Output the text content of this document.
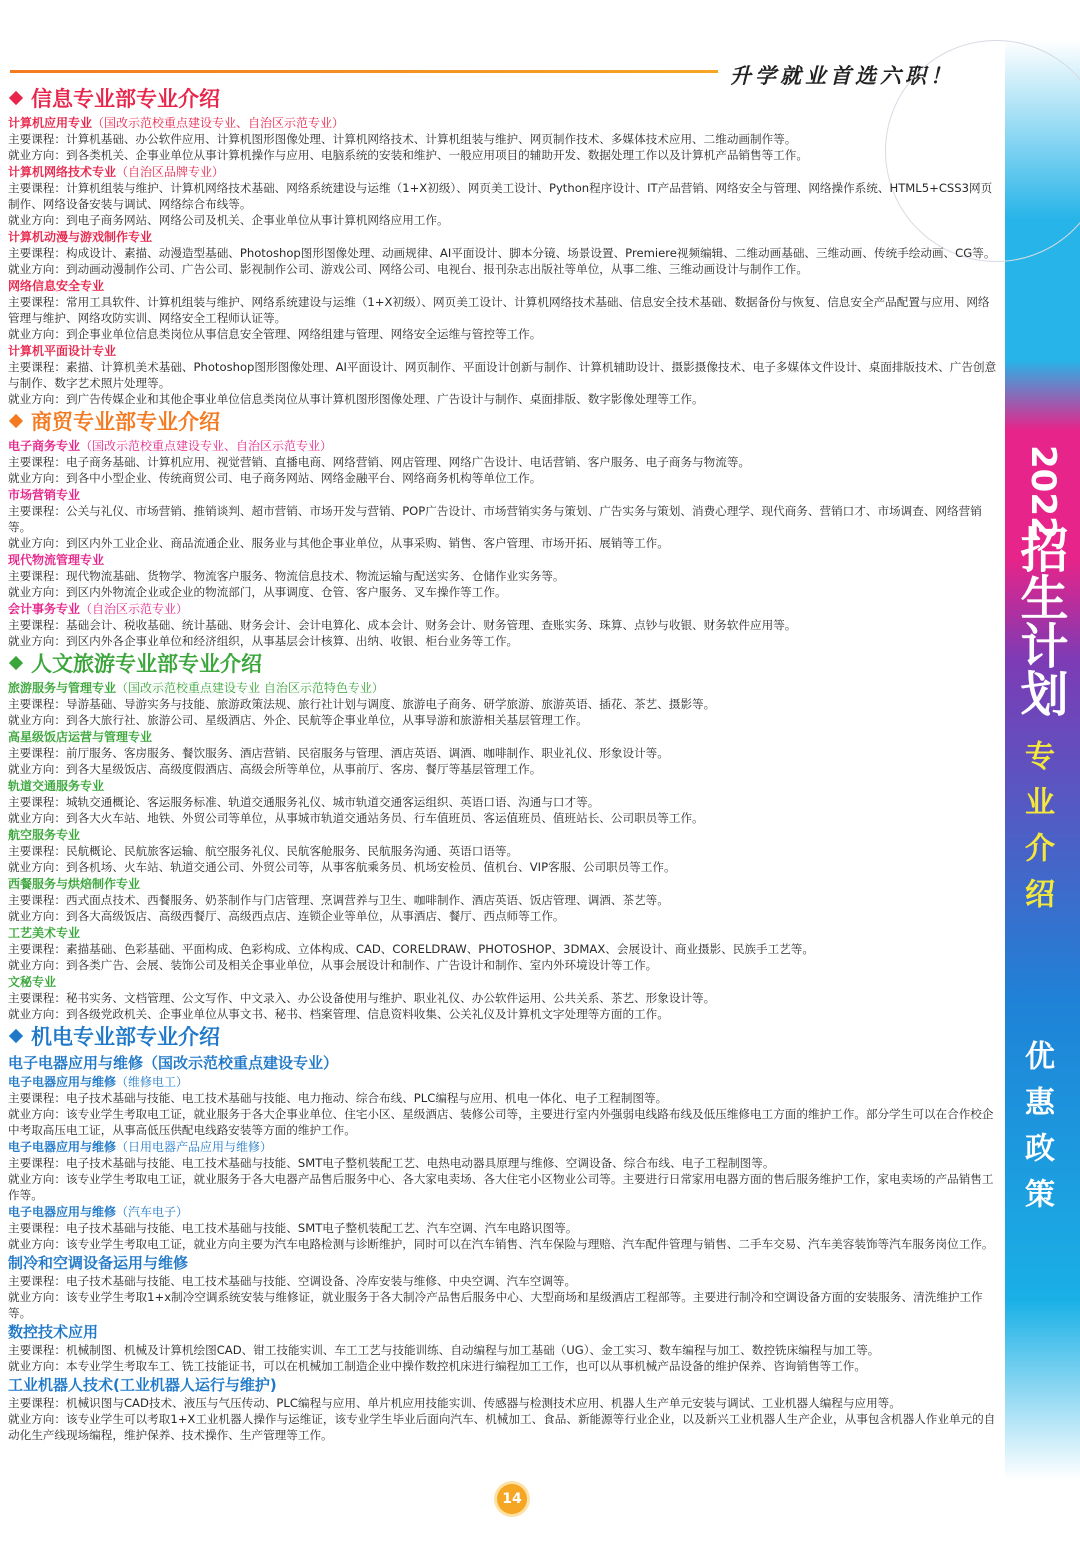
升学就业首选六职！
2022
招生计划
专业介绍
优惠政策
信息专业部专业介绍
计算机应用专业（国改示范校重点建设专业、自治区示范专业）
主要课程：计算机基础、办公软件应用、计算机图形图像处理、计算机网络技术、计算机组装与维护、网页制作技术、多媒体技术应用、二维动画制作等。
就业方向：到各类机关、企事业单位从事计算机操作与应用、电脑系统的安装和维护、一般应用项目的辅助开发、数据处理工作以及计算机产品销售等工作。
计算机网络技术专业（自治区品牌专业）
主要课程：计算机组装与维护、计算机网络技术基础、网络系统建设与运维（1+X初级）、网页美工设计、Python程序设计、IT产品营销、网络安全与管理、网络操作系统、HTML5+CSS3网页制作、网络设备安装与调试、网络综合布线等。
就业方向：到电子商务网站、网络公司及机关、企事业单位从事计算机网络应用工作。
计算机动漫与游戏制作专业
主要课程：构成设计、素描、动漫造型基础、Photoshop图形图像处理、动画规律、AI平面设计、脚本分镜、场景设置、Premiere视频编辑、二维动画基础、三维动画、传统手绘动画、CG等。
就业方向：到动画动漫制作公司、广告公司、影视制作公司、游戏公司、网络公司、电视台、报刊杂志出版社等单位，从事二维、三维动画设计与制作工作。
网络信息安全专业
主要课程：常用工具软件、计算机组装与维护、网络系统建设与运维（1+X初级）、网页美工设计、计算机网络技术基础、信息安全技术基础、数据备份与恢复、信息安全产品配置与应用、网络管理与维护、网络攻防实训、网络安全工程师认证等。
就业方向：到企事业单位信息类岗位从事信息安全管理、网络组建与管理、网络安全运维与管控等工作。
计算机平面设计专业
主要课程：素描、计算机美术基础、Photoshop图形图像处理、AI平面设计、网页制作、平面设计创新与制作、计算机辅助设计、摄影摄像技术、电子多媒体文件设计、桌面排版技术、广告创意与制作、数字艺术照片处理等。
就业方向：到广告传媒企业和其他企事业单位信息类岗位从事计算机图形图像处理、广告设计与制作、桌面排版、数字影像处理等工作。
商贸专业部专业介绍
电子商务专业（国改示范校重点建设专业、自治区示范专业）
主要课程：电子商务基础、计算机应用、视觉营销、直播电商、网络营销、网店管理、网络广告设计、电话营销、客户服务、电子商务与物流等。
就业方向：到各中小型企业、传统商贸公司、电子商务网站、网络金融平台、网络商务机构等单位工作。
市场营销专业
主要课程：公关与礼仪、市场营销、推销谈判、超市营销、市场开发与营销、POP广告设计、市场营销实务与策划、广告实务与策划、消费心理学、现代商务、营销口才、市场调查、网络营销等。
就业方向：到区内外工业企业、商品流通企业、服务业与其他企事业单位，从事采购、销售、客户管理、市场开拓、展销等工作。
现代物流管理专业
主要课程：现代物流基础、货物学、物流客户服务、物流信息技术、物流运输与配送实务、仓储作业实务等。
就业方向：到区内外物流企业或企业的物流部门，从事调度、仓管、客户服务、叉车操作等工作。
会计事务专业（自治区示范专业）
主要课程：基础会计、税收基础、统计基础、财务会计、会计电算化、成本会计、财务会计、财务管理、查账实务、珠算、点钞与收银、财务软件应用等。
就业方向：到区内外各企事业单位和经济组织，从事基层会计核算、出纳、收银、柜台业务等工作。
人文旅游专业部专业介绍
旅游服务与管理专业（国改示范校重点建设专业 自治区示范特色专业）
主要课程：导游基础、导游实务与技能、旅游政策法规、旅行社计划与调度、旅游电子商务、研学旅游、旅游英语、插花、茶艺、摄影等。
就业方向：到各大旅行社、旅游公司、星级酒店、外企、民航等企事业单位，从事导游和旅游相关基层管理工作。
高星级饭店运营与管理专业
主要课程：前厅服务、客房服务、餐饮服务、酒店营销、民宿服务与管理、酒店英语、调酒、咖啡制作、职业礼仪、形象设计等。
就业方向：到各大星级饭店、高级度假酒店、高级会所等单位，从事前厅、客房、餐厅等基层管理工作。
轨道交通服务专业
主要课程：城轨交通概论、客运服务标准、轨道交通服务礼仪、城市轨道交通客运组织、英语口语、沟通与口才等。
就业方向：到各大火车站、地铁、外贸公司等单位，从事城市轨道交通站务员、行车值班员、客运值班员、值班站长、公司职员等工作。
航空服务专业
主要课程：民航概论、民航旅客运输、航空服务礼仪、民航客舱服务、民航服务沟通、英语口语等。
就业方向：到各机场、火车站、轨道交通公司、外贸公司等，从事客航乘务员、机场安检员、值机台、VIP客服、公司职员等工作。
西餐服务与烘焙制作专业
主要课程：西式面点技术、西餐服务、奶茶制作与门店管理、烹调营养与卫生、咖啡制作、酒店英语、饭店管理、调酒、茶艺等。
就业方向：到各大高级饭店、高级西餐厅、高级西点店、连锁企业等单位，从事酒店、餐厅、西点师等工作。
工艺美术专业
主要课程：素描基础、色彩基础、平面构成、色彩构成、立体构成、CAD、CORELDRAW、PHOTOSHOP、3DMAX、会展设计、商业摄影、民族手工艺等。
就业方向：到各类广告、会展、装饰公司及相关企事业单位，从事会展设计和制作、广告设计和制作、室内外环境设计等工作。
文秘专业
主要课程：秘书实务、文档管理、公文写作、中文录入、办公设备使用与维护、职业礼仪、办公软件运用、公共关系、茶艺、形象设计等。
就业方向：到各级党政机关、企事业单位从事文书、秘书、档案管理、信息资料收集、公关礼仪及计算机文字处理等方面的工作。
机电专业部专业介绍
电子电器应用与维修（国改示范校重点建设专业）
电子电器应用与维修（维修电工）
主要课程：电子技术基础与技能、电工技术基础与技能、电力拖动、综合布线、PLC编程与应用、机电一体化、电子工程制图等。
就业方向：该专业学生考取电工证，就业服务于各大企事业单位、住宅小区、星级酒店、装修公司等，主要进行室内外强弱电线路布线及低压维修电工方面的维护工作。部分学生可以在合作校企中考取高压电工证，从事高低压供配电线路安装等方面的维护工作。
电子电器应用与维修（日用电器产品应用与维修）
主要课程：电子技术基础与技能、电工技术基础与技能、SMT电子整机装配工艺、电热电动器具原理与维修、空调设备、综合布线、电子工程制图等。
就业方向：该专业学生考取电工证，就业服务于各大电器产品售后服务中心、各大家电卖场、各大住宅小区物业公司等。主要进行日常家用电器方面的售后服务维护工作，家电卖场的产品销售工作等。
电子电器应用与维修（汽车电子）
主要课程：电子技术基础与技能、电工技术基础与技能、SMT电子整机装配工艺、汽车空调、汽车电路识图等。
就业方向：该专业学生考取电工证，就业方向主要为汽车电路检测与诊断维护，同时可以在汽车销售、汽车保险与理赔、汽车配件管理与销售、二手车交易、汽车美容装饰等汽车服务岗位工作。
制冷和空调设备运用与维修
主要课程：电子技术基础与技能、电工技术基础与技能、空调设备、冷库安装与维修、中央空调、汽车空调等。
就业方向：该专业学生考取1+x制冷空调系统安装与维修证，就业服务于各大制冷产品售后服务中心、大型商场和星级酒店工程部等。主要进行制冷和空调设备方面的安装服务、清洗维护工作等。
数控技术应用
主要课程：机械制图、机械及计算机绘图CAD、钳工技能实训、车工工艺与技能训练、自动编程与加工基础（UG）、金工实习、数车编程与加工、数控铣床编程与加工等。
就业方向：本专业学生考取车工、铣工技能证书，可以在机械加工制造企业中操作数控机床进行编程加工工作，也可以从事机械产品设备的维护保养、咨询销售等工作。
工业机器人技术(工业机器人运行与维护)
主要课程：机械识图与CAD技术、液压与气压传动、PLC编程与应用、单片机应用技能实训、传感器与检测技术应用、机器人生产单元安装与调试、工业机器人编程与应用等。
就业方向：该专业学生可以考取1+X工业机器人操作与运维证，该专业学生毕业后面向汽车、机械加工、食品、新能源等行业企业，以及新兴工业机器人生产企业，从事包含机器人作业单元的自动化生产线现场编程，维护保养、技术操作、生产管理等工作。
14
